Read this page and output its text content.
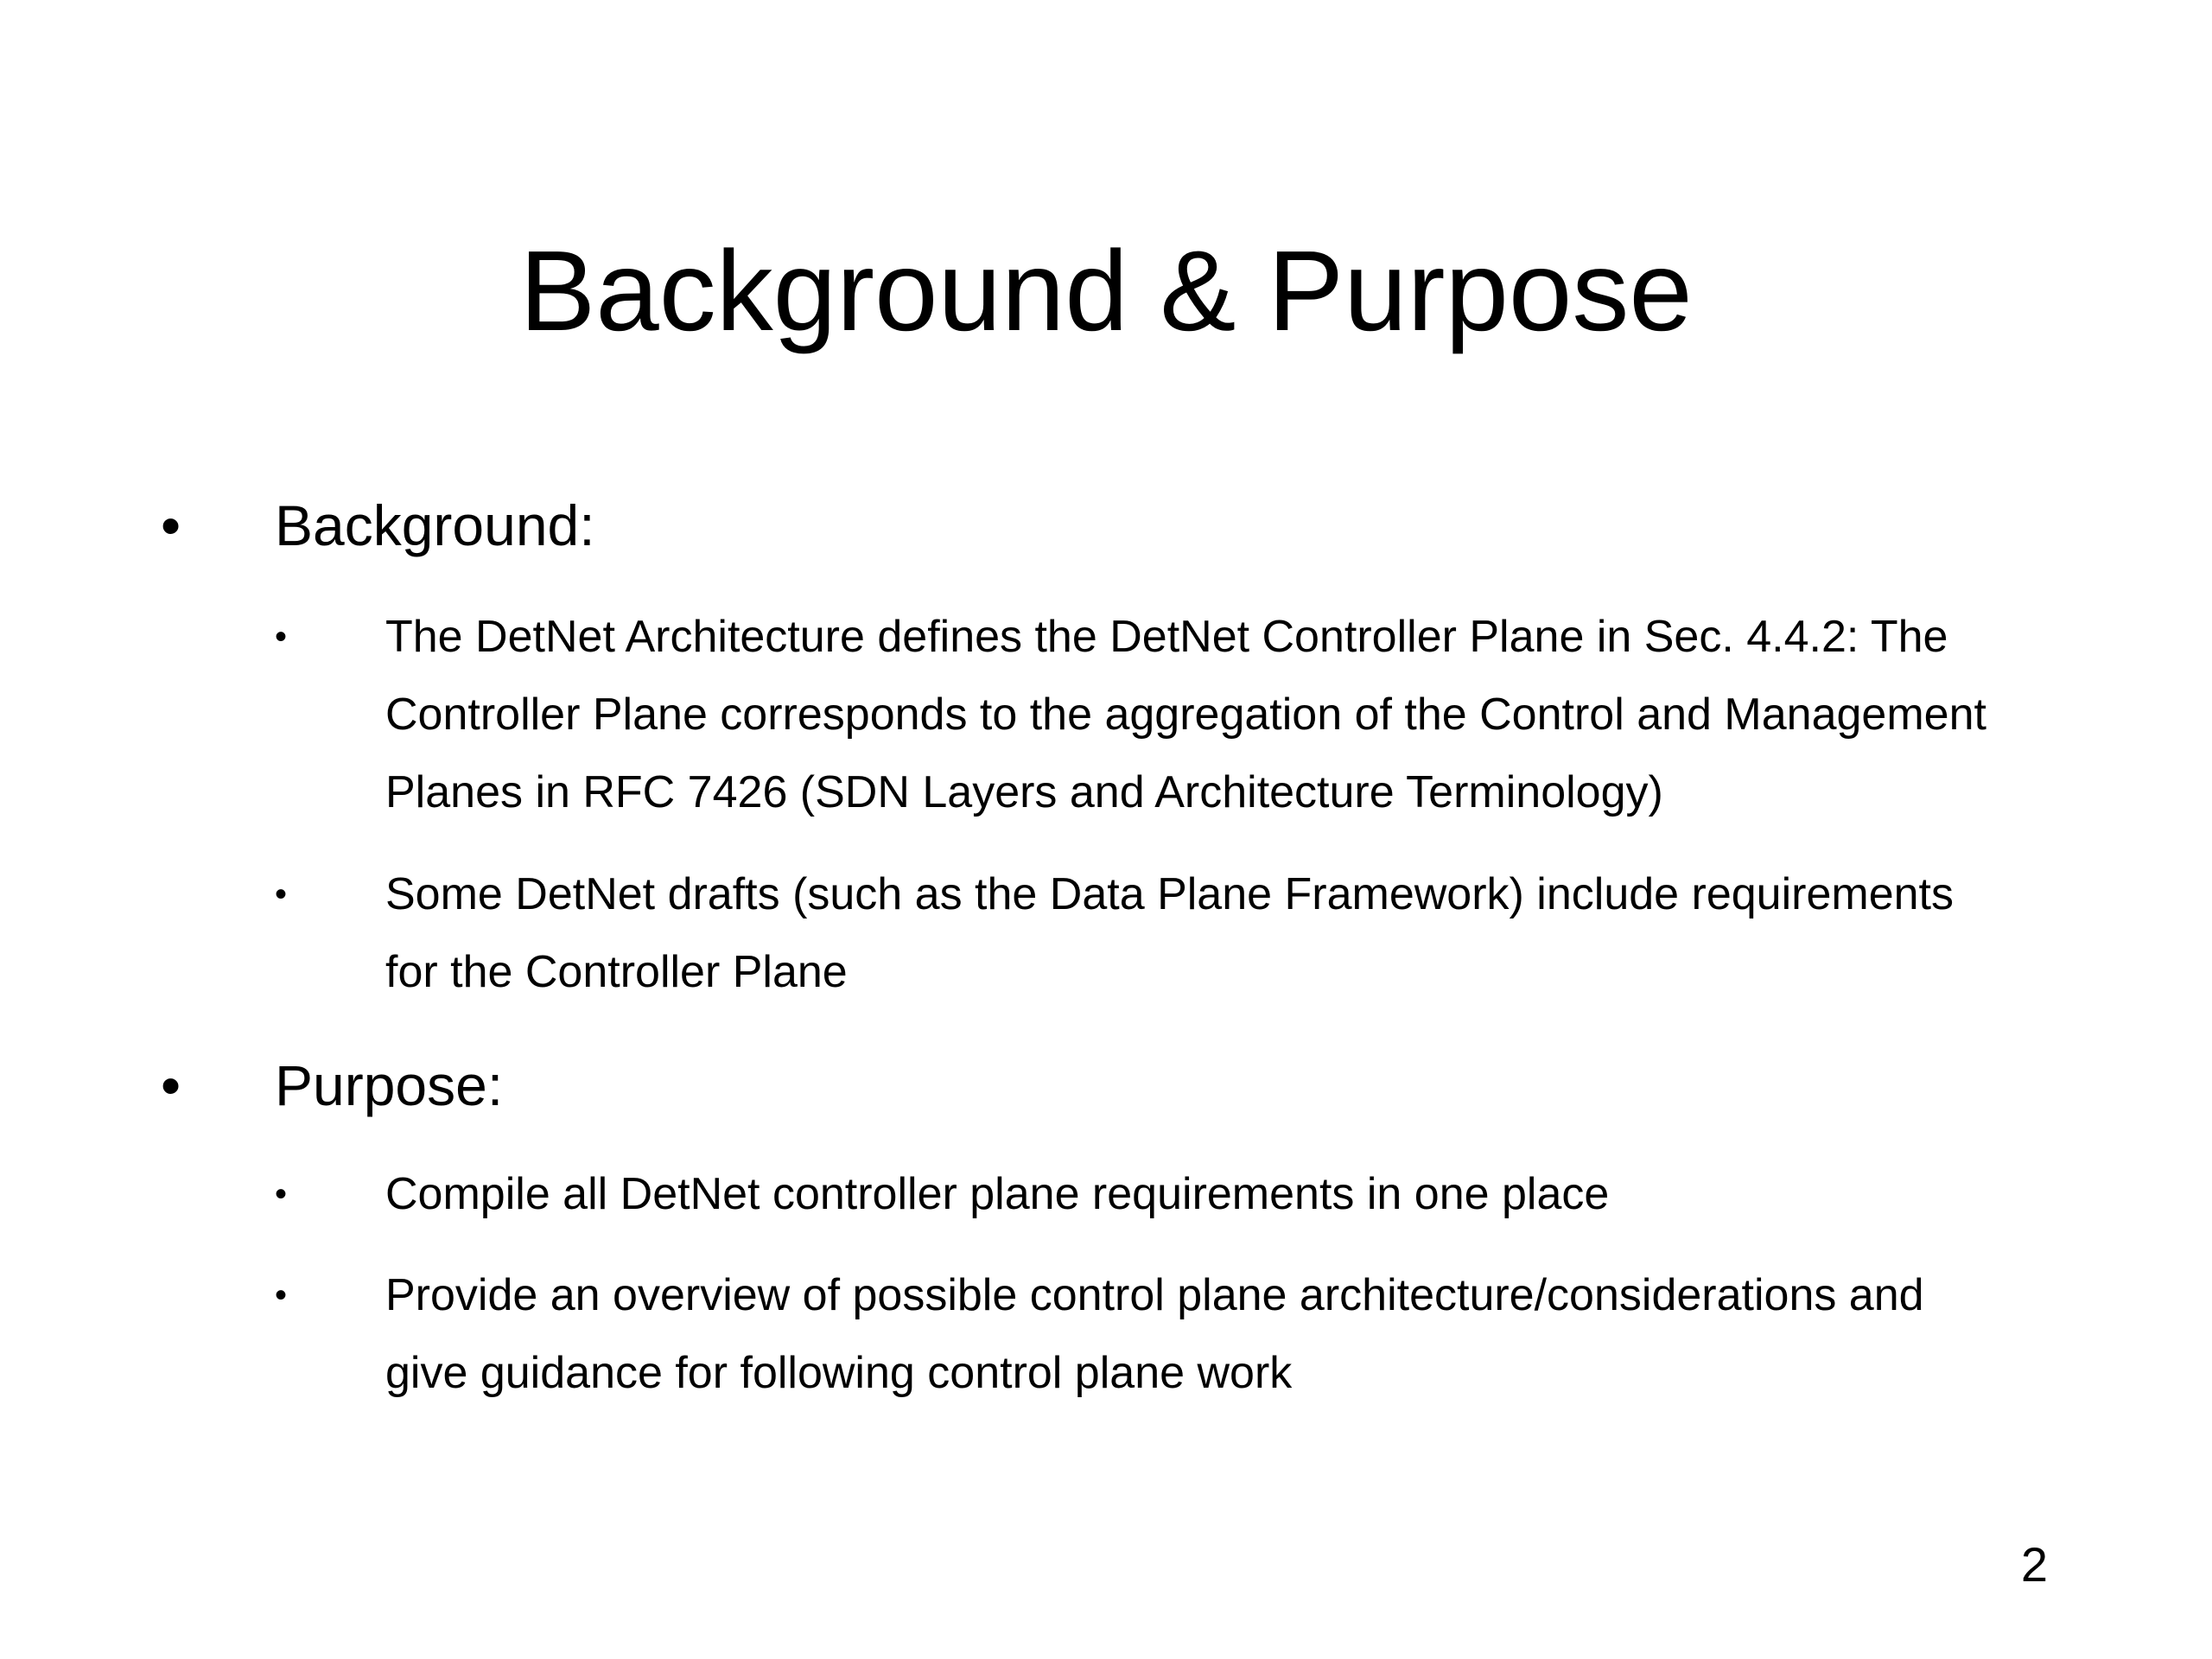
Background & Purpose
• Background:
• The DetNet Architecture defines the DetNet Controller Plane in Sec. 4.4.2: The
Controller Plane corresponds to the aggregation of the Control and Management
Planes in RFC 7426 (SDN Layers and Architecture Terminology)
• Some DetNet drafts (such as the Data Plane Framework) include requirements
for the Controller Plane
• Purpose:
• Compile all DetNet controller plane requirements in one place
• Provide an overview of possible control plane architecture/considerations and
give guidance for following control plane work
2
